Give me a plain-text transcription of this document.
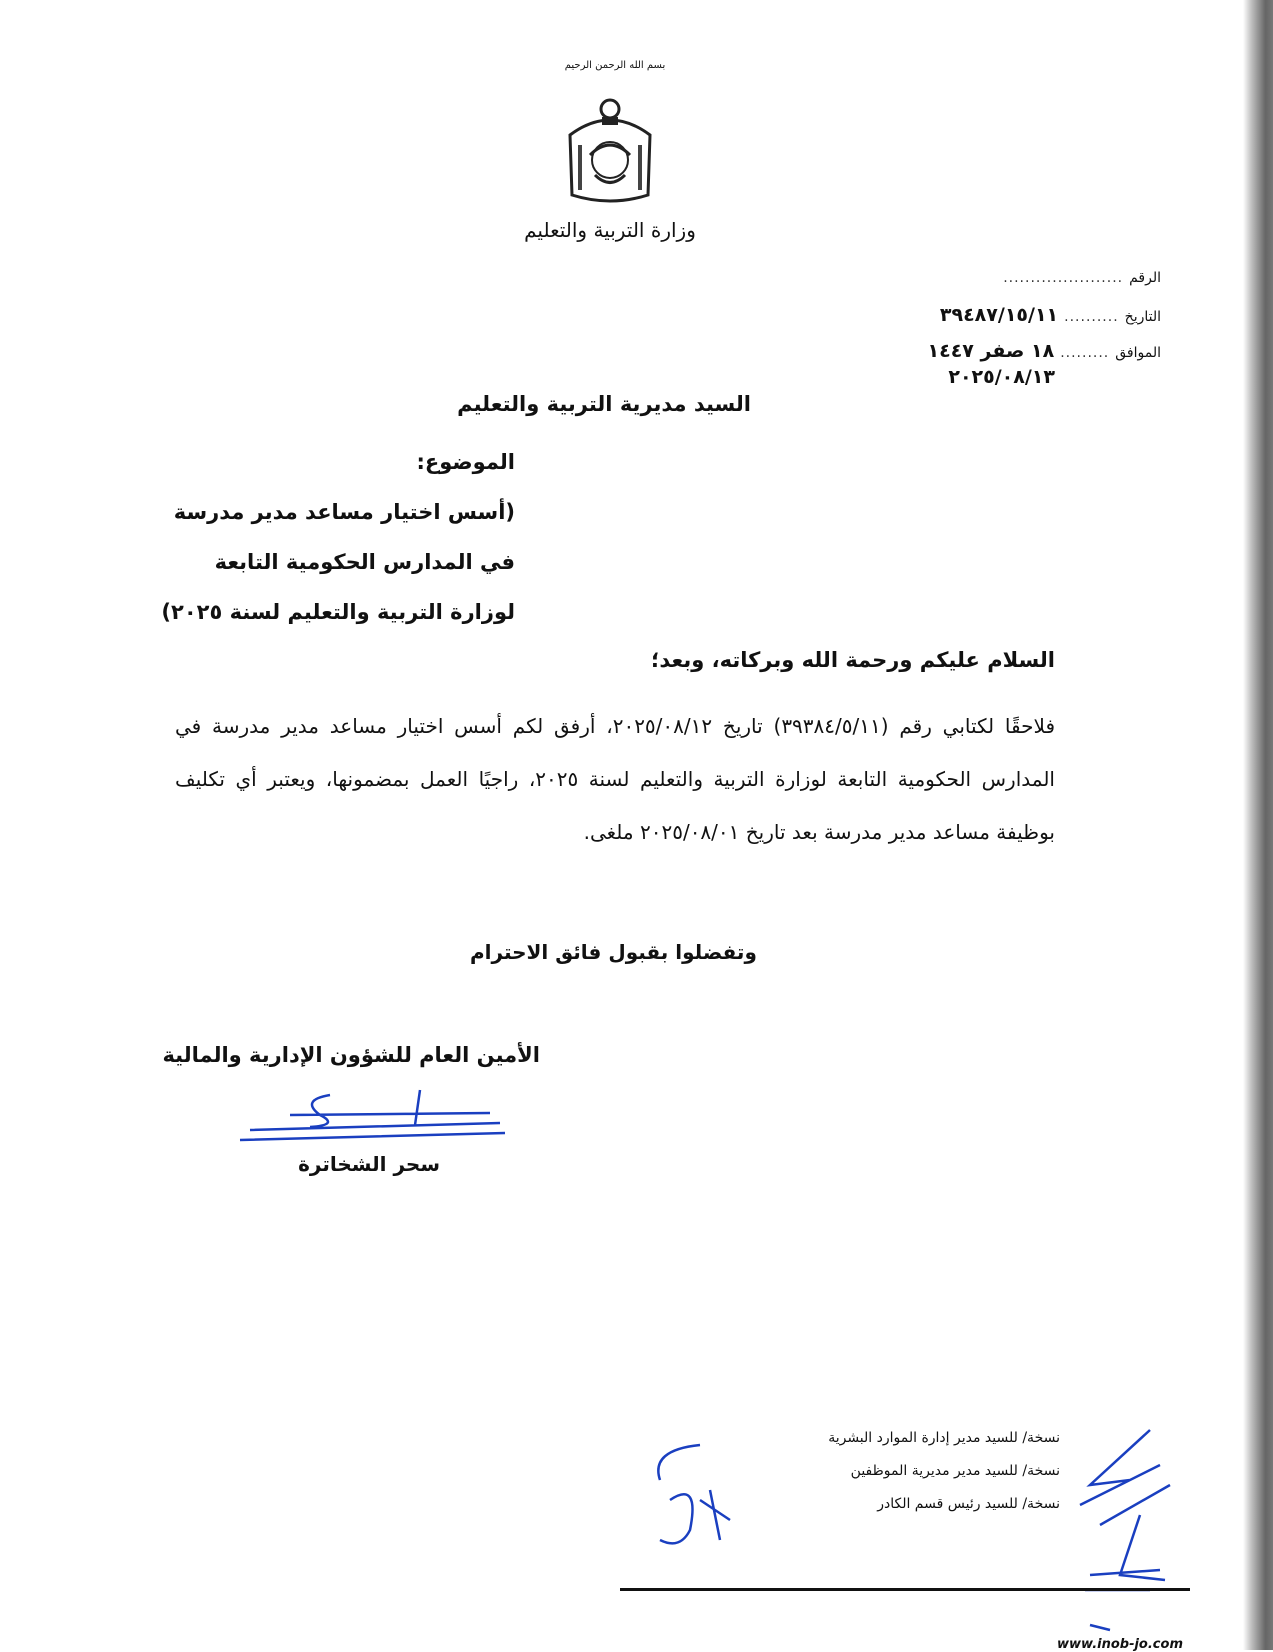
بسم الله الرحمن الرحيم
وزارة التربية والتعليم
الرقم
......................
التاريخ
..........
٣٩٤٨٧/١٥/١١
الموافق
.........
١٨ صفر ١٤٤٧
٢٠٢٥/٠٨/١٣
السيد مديرية التربية والتعليم
الموضوع:
(أسس اختيار مساعد مدير مدرسة
في المدارس الحكومية التابعة
لوزارة التربية والتعليم لسنة ٢٠٢٥)
السلام عليكم ورحمة الله وبركاته، وبعد؛
فلاحقًا لكتابي رقم (٣٩٣٨٤/٥/١١) تاريخ ٢٠٢٥/٠٨/١٢، أرفق لكم أسس اختيار مساعد مدير مدرسة في المدارس الحكومية التابعة لوزارة التربية والتعليم لسنة ٢٠٢٥، راجيًا العمل بمضمونها، ويعتبر أي تكليف بوظيفة مساعد مدير مدرسة بعد تاريخ ٢٠٢٥/٠٨/٠١ ملغى.
وتفضلوا بقبول فائق الاحترام
الأمين العام للشؤون الإدارية والمالية
سحر الشخاترة
نسخة/ للسيد مدير إدارة الموارد البشرية
نسخة/ للسيد مدير مديرية الموظفين
نسخة/ للسيد رئيس قسم الكادر
www.inob-jo.com
